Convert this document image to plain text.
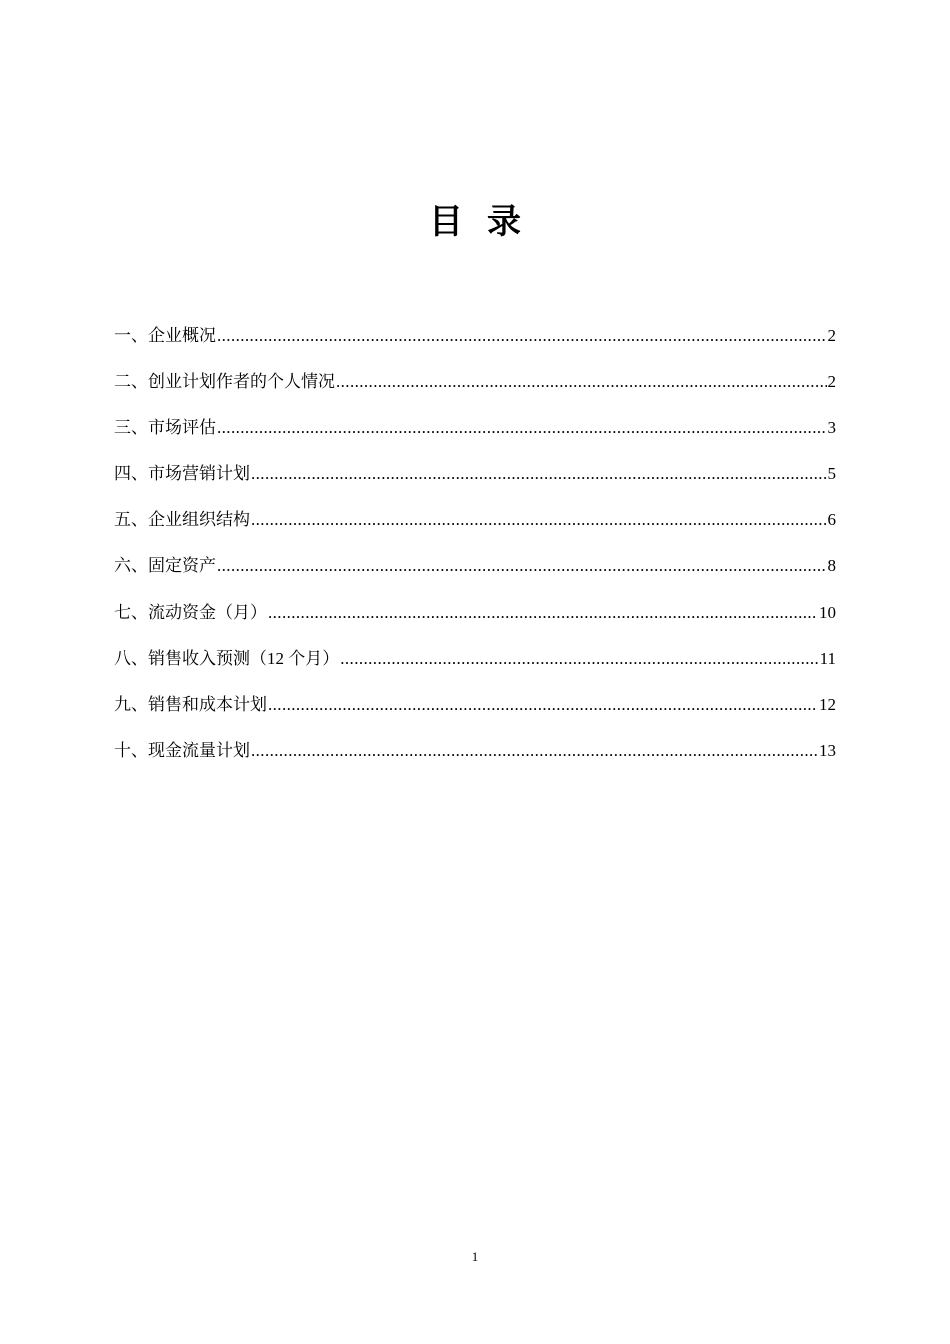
目录
一、企业概况 .....	2
二、创业计划作者的个人情况 .....	2
三、市场评估 .....	3
四、市场营销计划 .....	5
五、企业组织结构 .....	6
六、固定资产 .....	8
七、流动资金（月） .....	10
八、销售收入预测（12 个月） .....	11
九、销售和成本计划 .....	12
十、现金流量计划 .....	13
1
